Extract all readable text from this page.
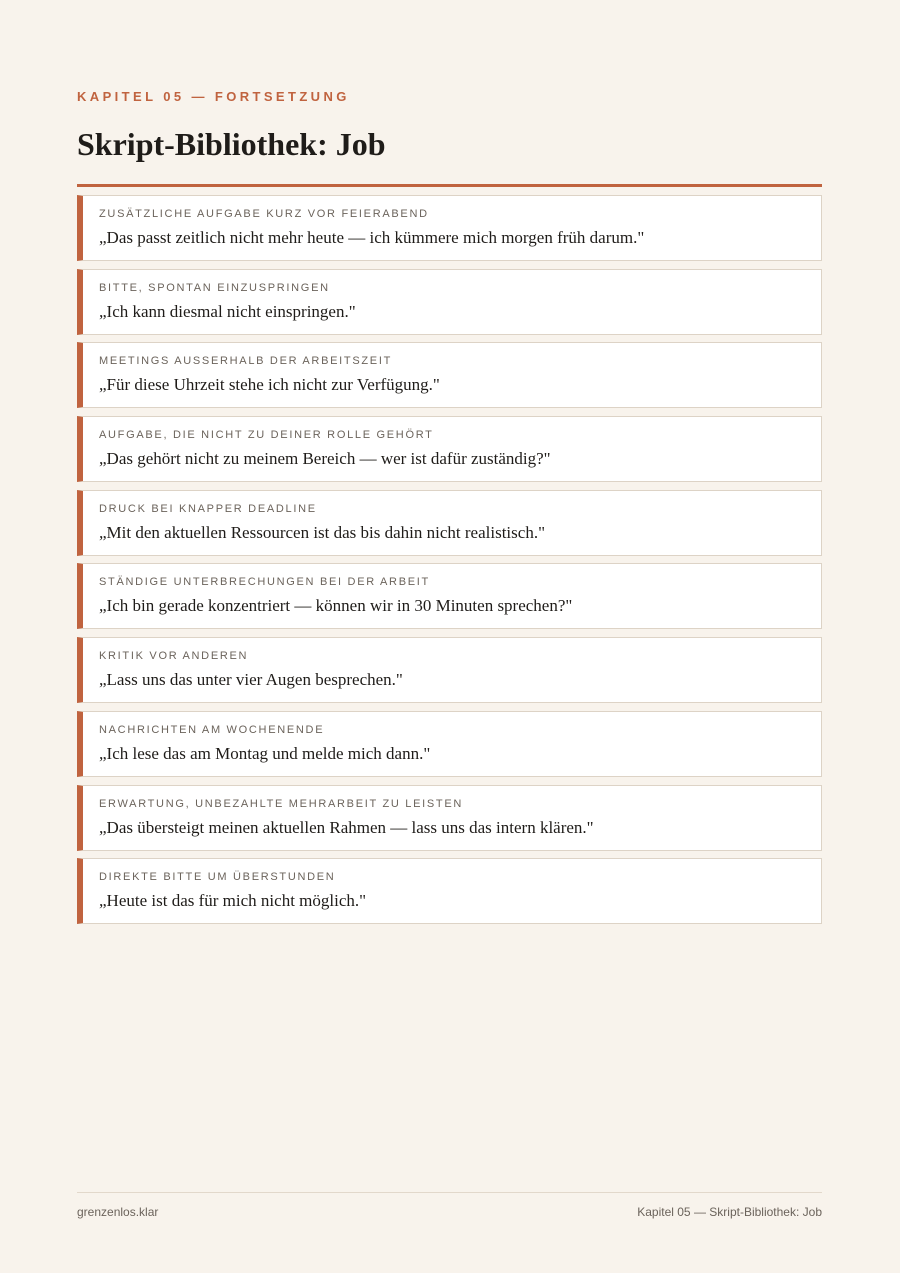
KAPITEL 05 — FORTSETZUNG
Skript-Bibliothek: Job
ZUSÄTZLICHE AUFGABE KURZ VOR FEIERABEND
„Das passt zeitlich nicht mehr heute — ich kümmere mich morgen früh darum."
BITTE, SPONTAN EINZUSPRINGEN
„Ich kann diesmal nicht einspringen."
MEETINGS AUSSERHALB DER ARBEITSZEIT
„Für diese Uhrzeit stehe ich nicht zur Verfügung."
AUFGABE, DIE NICHT ZU DEINER ROLLE GEHÖRT
„Das gehört nicht zu meinem Bereich — wer ist dafür zuständig?"
DRUCK BEI KNAPPER DEADLINE
„Mit den aktuellen Ressourcen ist das bis dahin nicht realistisch."
STÄNDIGE UNTERBRECHUNGEN BEI DER ARBEIT
„Ich bin gerade konzentriert — können wir in 30 Minuten sprechen?"
KRITIK VOR ANDEREN
„Lass uns das unter vier Augen besprechen."
NACHRICHTEN AM WOCHENENDE
„Ich lese das am Montag und melde mich dann."
ERWARTUNG, UNBEZAHLTE MEHRARBEIT ZU LEISTEN
„Das übersteigt meinen aktuellen Rahmen — lass uns das intern klären."
DIREKTE BITTE UM ÜBERSTUNDEN
„Heute ist das für mich nicht möglich."
grenzenlos.klar	Kapitel 05 — Skript-Bibliothek: Job
